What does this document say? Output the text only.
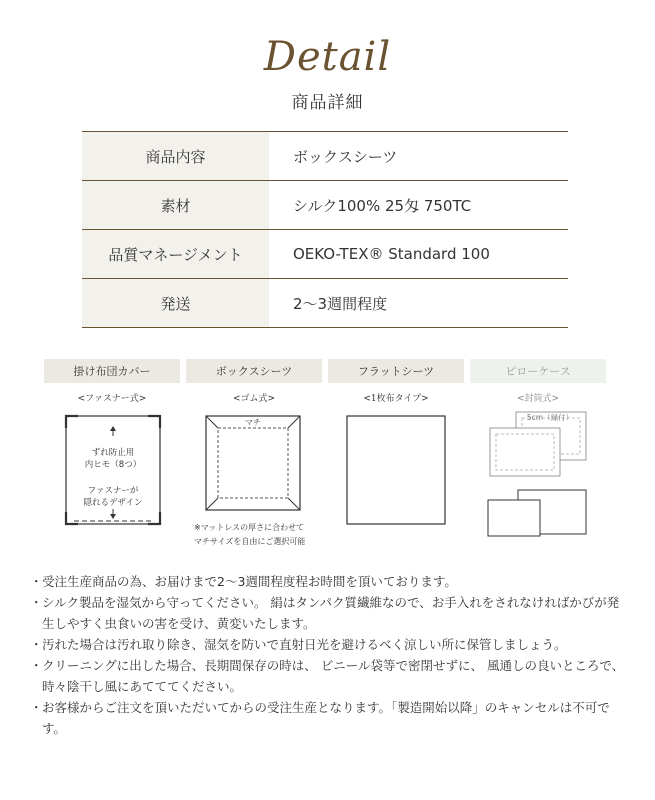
Detail
商品詳細
商品内容	ボックスシーツ
素材	シルク100% 25匁 750TC
品質マネージメント	OEKO-TEX® Standard 100
発送	2〜3週間程度
掛け布団カバー
<ファスナー式>
ずれ防止用
内ヒモ（8つ）
ファスナーが
隠れるデザイン
ボックスシーツ
<ゴム式>
マチ
※マットレスの厚さに合わせて
マチサイズを自由にご選択可能
フラットシーツ
<1枚布タイプ>
ピローケース
<封筒式>
5cm（縁付）
・ 受注生産商品の為、お届けまで2〜3週間程度程お時間を頂いております。
・ シルク製品を湿気から守ってください。 絹はタンパク質繊維なので、お手入れをされなければかびが発生しやすく虫食いの害を受け、黄変いたします。
・ 汚れた場合は汚れ取り除き、湿気を防いで直射日光を避けるべく涼しい所に保管しましょう。
・ クリーニングに出した場合、長期間保存の時は、 ビニール袋等で密閉せずに、 風通しの良いところで、時々陰干し風にあてててください。
・ お客様からご注文を頂いただいてからの受注生産となります。「製造開始以降」のキャンセルは不可です。
